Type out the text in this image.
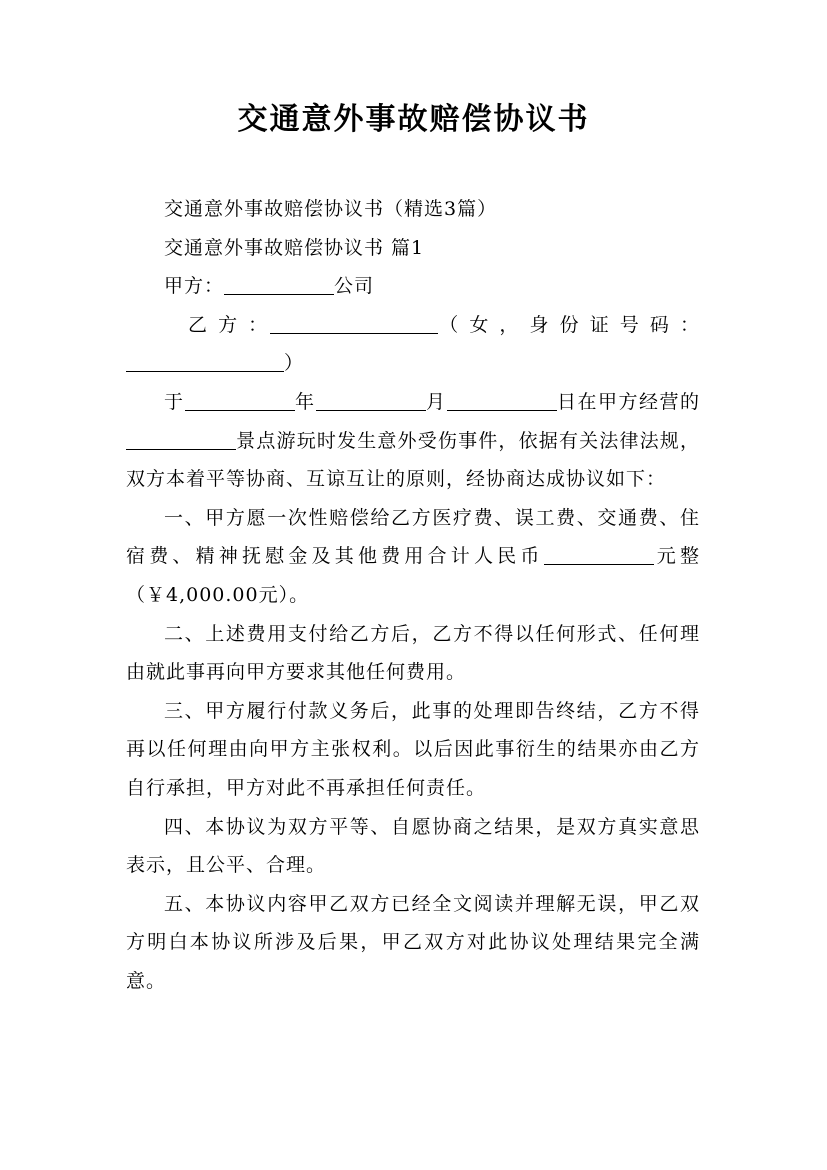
交通意外事故赔偿协议书

交通意外事故赔偿协议书（精选3篇）

交通意外事故赔偿协议书 篇1

甲方：	公司

乙 方 ：	（ 女 ， 身 份 证 号 码 ：

）

于	年	月	日在甲方经营的景点游玩时发生意外受伤事件，依据有关法律法规，双方本着平等协商、互谅互让的原则，经协商达成协议如下：

一、甲方愿一次性赔偿给乙方医疗费、误工费、交通费、住宿费、精神抚慰金及其他费用合计人民币	元整（￥4,000.00元）。

二、上述费用支付给乙方后，乙方不得以任何形式、任何理由就此事再向甲方要求其他任何费用。

三、甲方履行付款义务后，此事的处理即告终结，乙方不得再以任何理由向甲方主张权利。以后因此事衍生的结果亦由乙方自行承担，甲方对此不再承担任何责任。

四、本协议为双方平等、自愿协商之结果，是双方真实意思表示，且公平、合理。

五、本协议内容甲乙双方已经全文阅读并理解无误，甲乙双方明白本协议所涉及后果，甲乙双方对此协议处理结果完全满意。
